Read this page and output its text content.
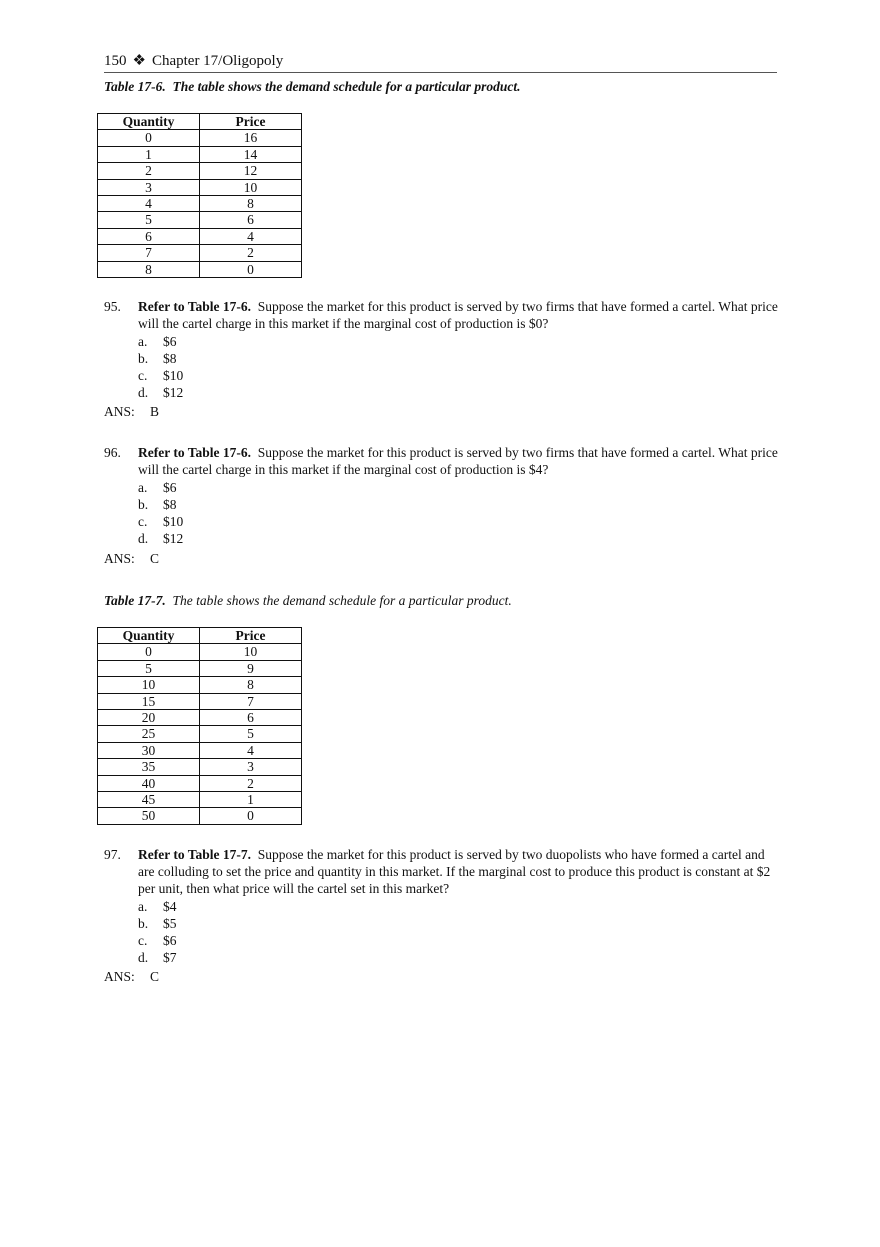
150 ❖ Chapter 17/Oligopoly
Table 17-6. The table shows the demand schedule for a particular product.
Quantity	Price
0	16
1	14
2	12
3	10
4	8
5	6
6	4
7	2
8	0
95. Refer to Table 17-6. Suppose the market for this product is served by two firms that have formed a cartel. What price will the cartel charge in this market if the marginal cost of production is $0?
a. $6
b. $8
c. $10
d. $12
ANS: B
96. Refer to Table 17-6. Suppose the market for this product is served by two firms that have formed a cartel. What price will the cartel charge in this market if the marginal cost of production is $4?
a. $6
b. $8
c. $10
d. $12
ANS: C
Table 17-7. The table shows the demand schedule for a particular product.
Quantity	Price
0	10
5	9
10	8
15	7
20	6
25	5
30	4
35	3
40	2
45	1
50	0
97. Refer to Table 17-7. Suppose the market for this product is served by two duopolists who have formed a cartel and are colluding to set the price and quantity in this market. If the marginal cost to produce this product is constant at $2 per unit, then what price will the cartel set in this market?
a. $4
b. $5
c. $6
d. $7
ANS: C
